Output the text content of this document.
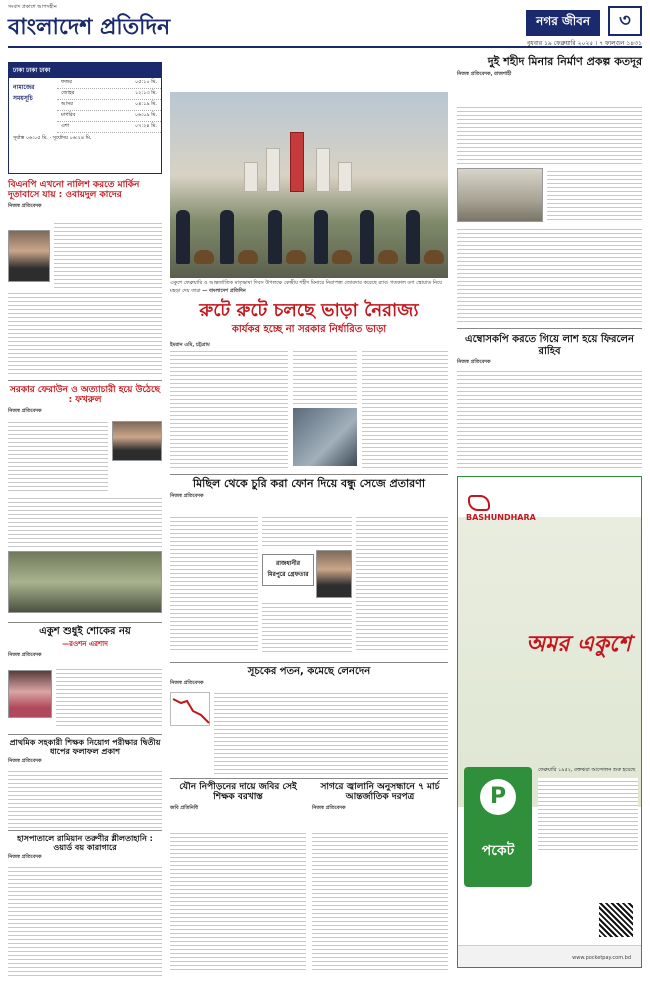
সংবাদ প্রকাশে আপসহীন
বাংলাদেশ প্রতিদিন	নগর জীবন	৩
বুধবার ১৯ ফেব্রুয়ারি ২০২৫ । ৭ ফাল্গুন ১৪৩১
ঢাকা ঢাকা ঢাকা
নামাজের সময়সূচি
ফজর	০৫:১০ মি.
জোহর	১২:১৩ মি.
আসর	০৪:১৯ মি.
মাগরিব	০৬:০৯ মি.
এশা	০৭:২৪ মি.
সূর্যাস্ত ০৬:০৫ মি. · সূর্যোদয় ০৬:২৪ মি.
বিএনপি এখনো নালিশ করতে মার্কিন দূতাবাসে যায় : ওবায়দুল কাদের
নিজস্ব প্রতিবেদক
সরকার ফেরাউন ও অত্যাচারী হয়ে উঠেছে : ফখরুল
নিজস্ব প্রতিবেদক
একুশ শুধুই শোকের নয়
—রওশন এরশাদ
নিজস্ব প্রতিবেদক
প্রাথমিক সহকারী শিক্ষক নিয়োগ পরীক্ষার দ্বিতীয় ধাপের ফলাফল প্রকাশ
নিজস্ব প্রতিবেদক
হাসপাতালে রামিয়ান তরুণীর শ্লীলতাহানি : ওয়ার্ড বয় কারাগারে
নিজস্ব প্রতিবেদক
একুশে ফেব্রুয়ারি ও আন্তর্জাতিক মাতৃভাষা দিবস উপলক্ষে কেন্দ্রীয় শহীদ মিনারে নিরাপত্তা জোরদার করেছে র‍্যাব। গতকাল ডগ স্কোয়াড নিয়ে মহড়া দেয় তারা — বাংলাদেশ প্রতিদিন
রুটে রুটে চলছে ভাড়া নৈরাজ্য
কার্যকর হচ্ছে না সরকার নির্ধারিত ভাড়া
ইমরান এমি, চট্টগ্রাম
দুই শহীদ মিনার নির্মাণ প্রকল্প কতদূর
নিজস্ব প্রতিবেদক, রাজশাহী
এম্বোসকপি করতে গিয়ে লাশ হয়ে ফিরলেন রাহিব
নিজস্ব প্রতিবেদক
মিছিল থেকে চুরি করা ফোন দিয়ে বন্ধু সেজে প্রতারণা
নিজস্ব প্রতিবেদক
রাজধানীর মিরপুরে গ্রেফতার
সূচকের পতন, কমেছে লেনদেন
নিজস্ব প্রতিবেদক
যৌন নিপীড়নের দায়ে জবির সেই শিক্ষক বরখাস্ত
জবি প্রতিনিধি
সাগরে জ্বালানি অনুসন্ধানে ৭ মার্চ আন্তর্জাতিক দরপত্র
নিজস্ব প্রতিবেদক
BASHUNDHARA
অমর একুশে
P
পকেট
ফেব্রুয়ারি ১৯৫২, রক্তঝরা আন্দোলন শুরু হয়েছে
www.pocketpay.com.bd
